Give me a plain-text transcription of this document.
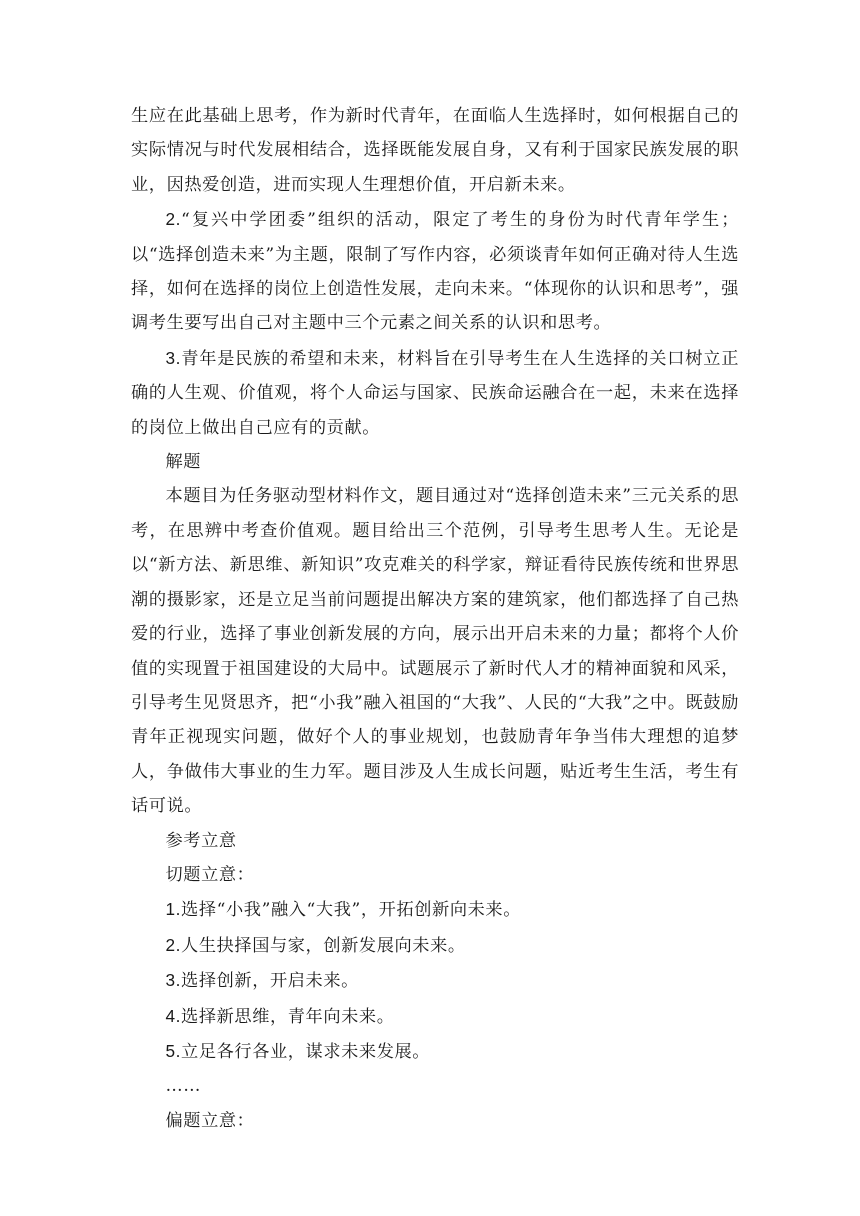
生应在此基础上思考，作为新时代青年，在面临人生选择时，如何根据自己的实际情况与时代发展相结合，选择既能发展自身，又有利于国家民族发展的职业，因热爱创造，进而实现人生理想价值，开启新未来。

2.“复兴中学团委”组织的活动，限定了考生的身份为时代青年学生；以“选择创造未来”为主题，限制了写作内容，必须谈青年如何正确对待人生选择，如何在选择的岗位上创造性发展，走向未来。“体现你的认识和思考”，强调考生要写出自己对主题中三个元素之间关系的认识和思考。

3.青年是民族的希望和未来，材料旨在引导考生在人生选择的关口树立正确的人生观、价值观，将个人命运与国家、民族命运融合在一起，未来在选择的岗位上做出自己应有的贡献。

解题

本题目为任务驱动型材料作文，题目通过对“选择创造未来”三元关系的思考，在思辨中考查价值观。题目给出三个范例，引导考生思考人生。无论是以“新方法、新思维、新知识”攻克难关的科学家，辩证看待民族传统和世界思潮的摄影家，还是立足当前问题提出解决方案的建筑家，他们都选择了自己热爱的行业，选择了事业创新发展的方向，展示出开启未来的力量；都将个人价值的实现置于祖国建设的大局中。试题展示了新时代人才的精神面貌和风采，引导考生见贤思齐，把“小我”融入祖国的“大我”、人民的“大我”之中。既鼓励青年正视现实问题，做好个人的事业规划，也鼓励青年争当伟大理想的追梦人，争做伟大事业的生力军。题目涉及人生成长问题，贴近考生生活，考生有话可说。

参考立意

切题立意：

1.选择“小我”融入“大我”，开拓创新向未来。

2.人生抉择国与家，创新发展向未来。

3.选择创新，开启未来。

4.选择新思维，青年向未来。

5.立足各行各业，谋求未来发展。

……

偏题立意：
